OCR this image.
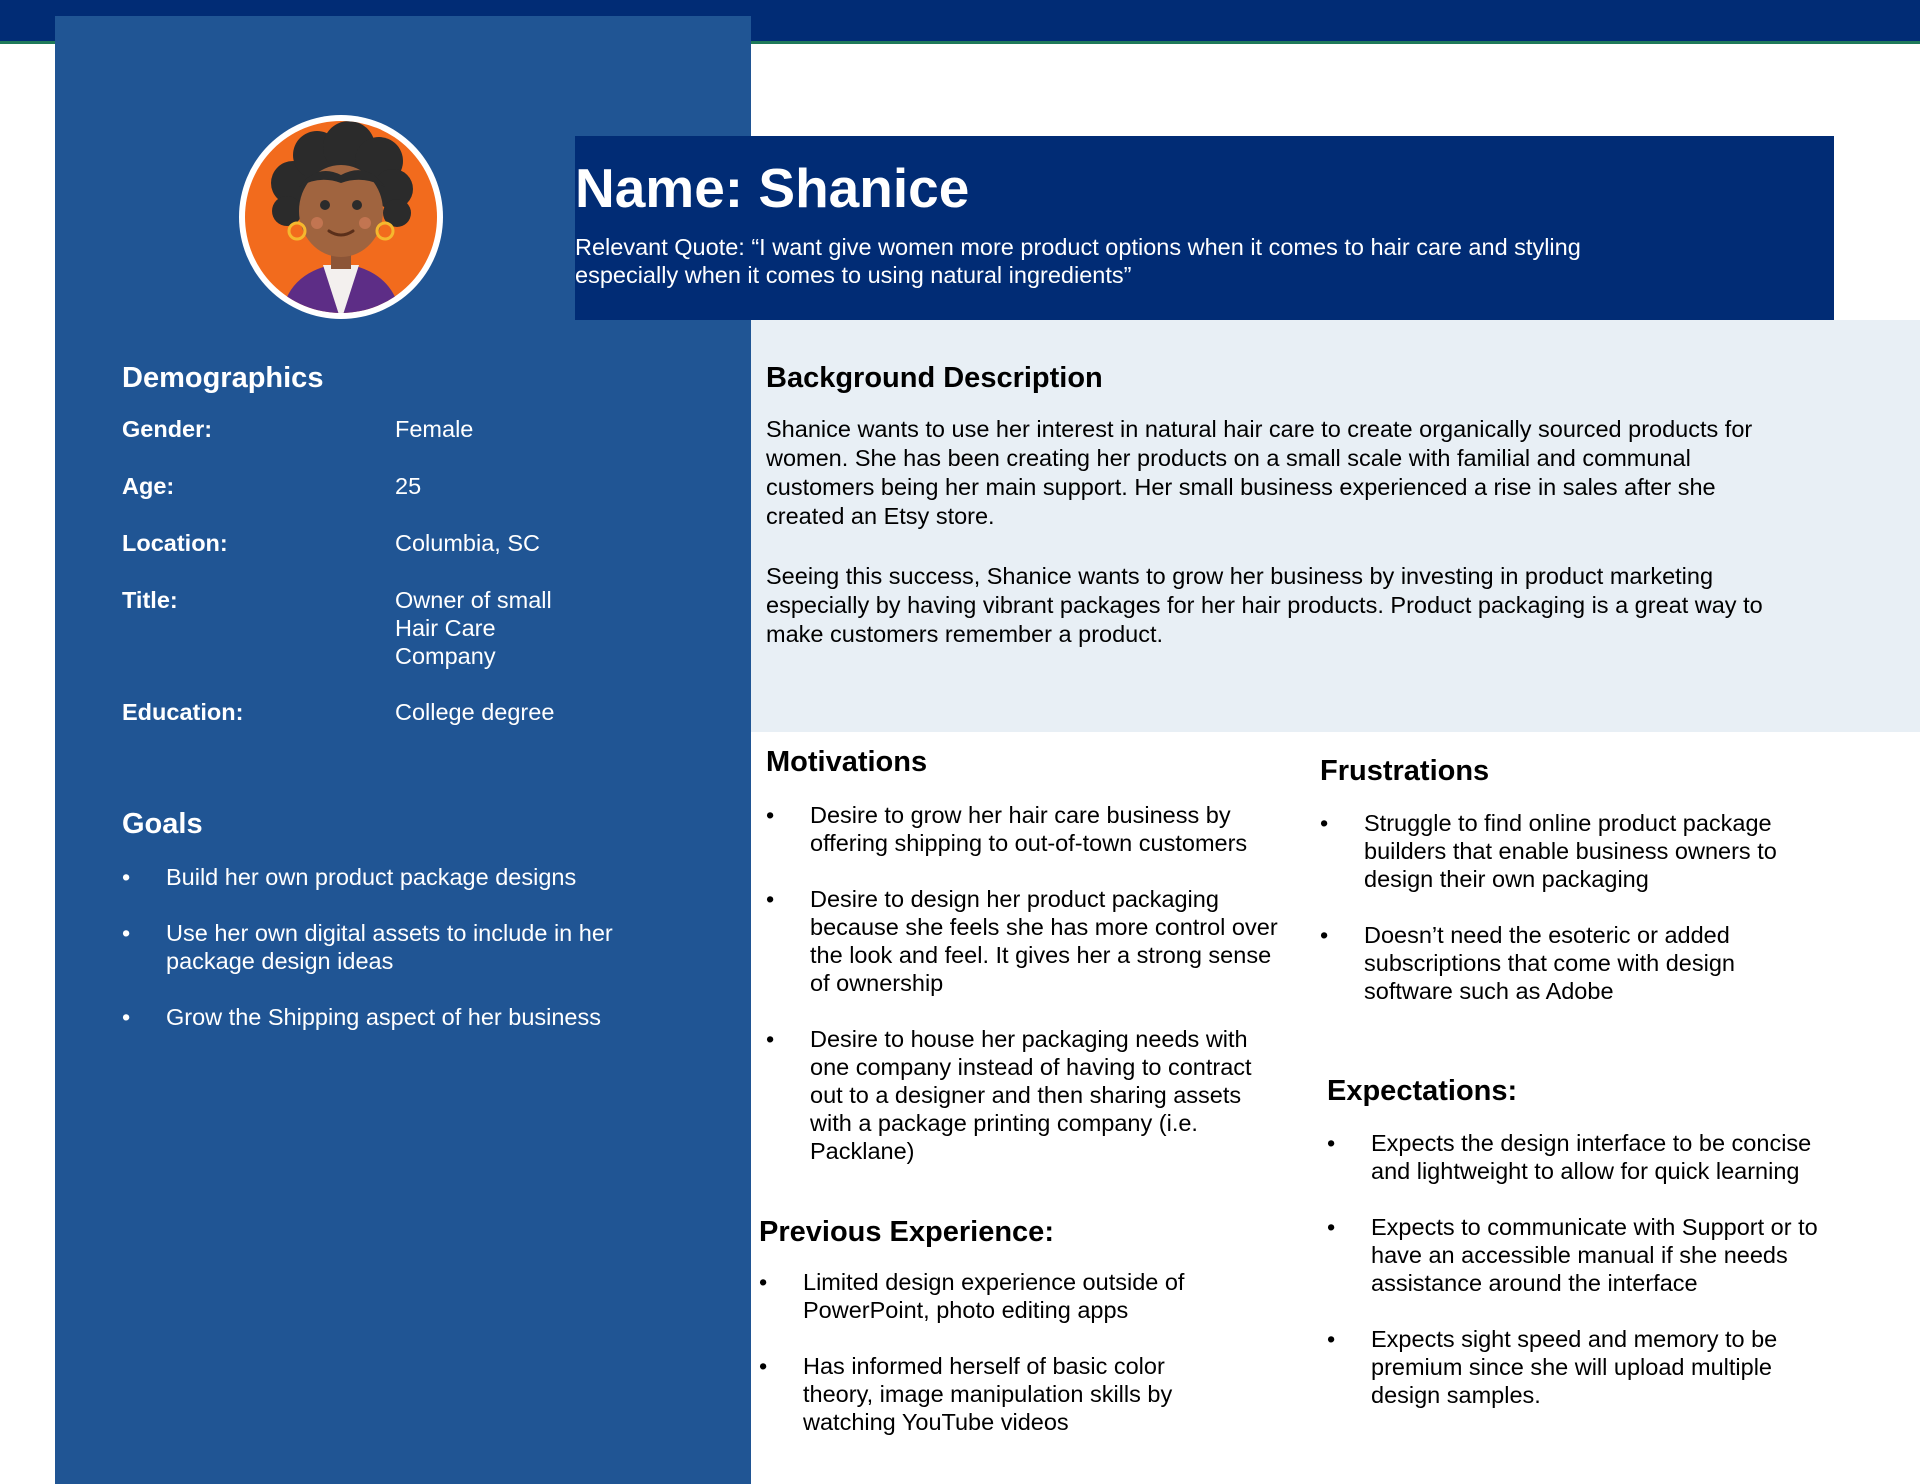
Name: Shanice
Relevant Quote: “I want give women more product options when it comes to hair care and styling especially when it comes to using natural ingredients”
Demographics
Gender:	Female
Age:	25
Location:	Columbia, SC
Title:	Owner of small Hair Care Company
Education:	College degree
Goals
• Build her own product package designs
• Use her own digital assets to include in her package design ideas
• Grow the Shipping aspect of her business
Background Description

Shanice wants to use her interest in natural hair care to create organically sourced products for women. She has been creating her products on a small scale with familial and communal customers being her main support. Her small business experienced a rise in sales after she created an Etsy store.

Seeing this success, Shanice wants to grow her business by investing in product marketing especially by having vibrant packages for her hair products. Product packaging is a great way to make customers remember a product.

Motivations
• Desire to grow her hair care business by offering shipping to out-of-town customers
• Desire to design her product packaging because she feels she has more control over the look and feel. It gives her a strong sense of ownership
• Desire to house her packaging needs with one company instead of having to contract out to a designer and then sharing assets with a package printing company (i.e. Packlane)
Previous Experience:
• Limited design experience outside of PowerPoint, photo editing apps
• Has informed herself of basic color theory, image manipulation skills by watching YouTube videos
Frustrations
• Struggle to find online product package builders that enable business owners to design their own packaging
• Doesn’t need the esoteric or added subscriptions that come with design software such as Adobe
Expectations:
• Expects the design interface to be concise and lightweight to allow for quick learning
• Expects to communicate with Support or to have an accessible manual if she needs assistance around the interface
• Expects sight speed and memory to be premium since she will upload multiple design samples.
